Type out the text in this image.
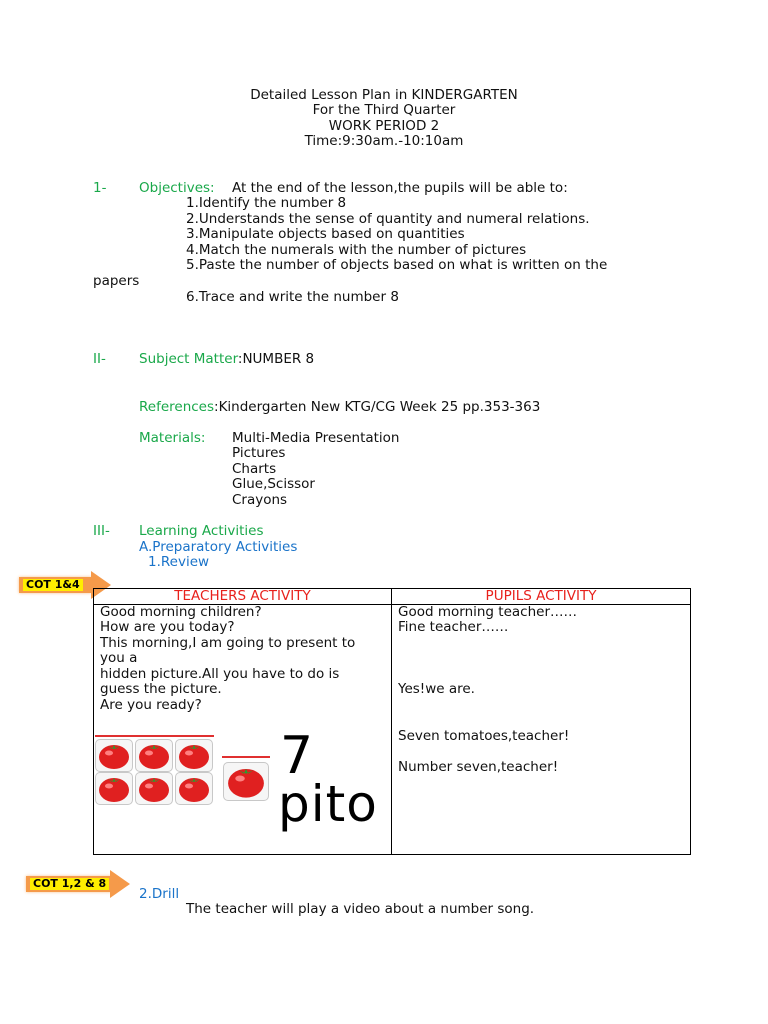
Detailed Lesson Plan in KINDERGARTEN
For the Third Quarter
WORK PERIOD 2
Time:9:30am.-10:10am
1- Objectives: At the end of the lesson,the pupils will be able to:
1.Identify the number 8
2.Understands the sense of quantity and numeral relations.
3.Manipulate objects based on quantities
4.Match the numerals with the number of pictures
5.Paste the number of objects based on what is written on the
papers
6.Trace and write the number 8
II- Subject Matter:NUMBER 8
References:Kindergarten New KTG/CG Week 25 pp.353-363
Materials: Multi-Media Presentation
Pictures
Charts
Glue,Scissor
Crayons
III- Learning Activities
A.Preparatory Activities
1.Review
COT 1&4
TEACHERS ACTIVITY	PUPILS ACTIVITY
Good morning children?
How are you today?
This morning,I am going to present to
you a
hidden picture.All you have to do is
guess the picture.
Are you ready?
Good morning teacher……
Fine teacher……
Yes!we are.
Seven tomatoes,teacher!
Number seven,teacher!
7
pito
COT 1,2 & 8
2.Drill
The teacher will play a video about a number song.
